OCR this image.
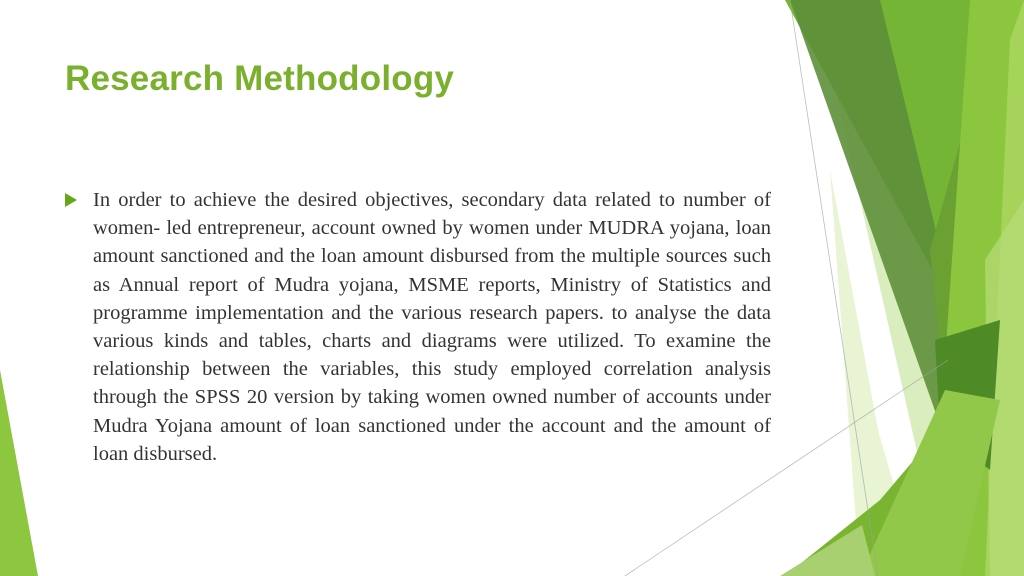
Research Methodology

In order to achieve the desired objectives, secondary data related to number of women- led entrepreneur, account owned by women under MUDRA yojana, loan amount sanctioned and the loan amount disbursed from the multiple sources such as Annual report of Mudra yojana, MSME reports, Ministry of Statistics and programme implementation and the various research papers. to analyse the data various kinds and tables, charts and diagrams were utilized. To examine the relationship between the variables, this study employed correlation analysis through the SPSS 20 version by taking women owned number of accounts under Mudra Yojana amount of loan sanctioned under the account and the amount of loan disbursed.
